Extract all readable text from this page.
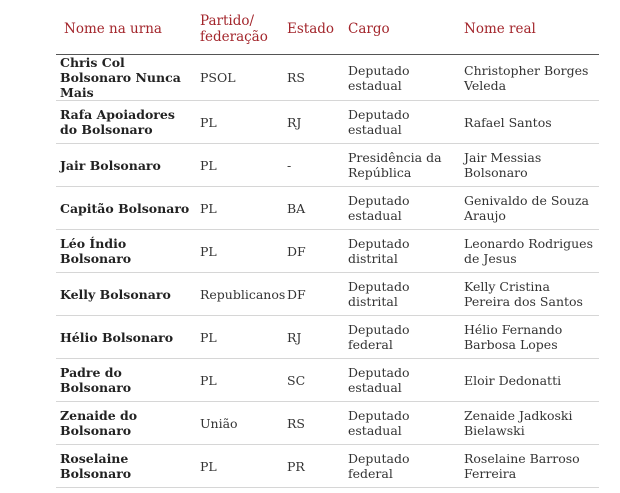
Nome na urna	Partido/ federação	Estado	Cargo	Nome real
Chris Col Bolsonaro Nunca Mais	PSOL	RS	Deputado estadual	Christopher Borges Veleda
Rafa Apoiadores do Bolsonaro	PL	RJ	Deputado estadual	Rafael Santos
Jair Bolsonaro	PL	-	Presidência da República	Jair Messias Bolsonaro
Capitão Bolsonaro	PL	BA	Deputado estadual	Genivaldo de Souza Araujo
Léo Índio Bolsonaro	PL	DF	Deputado distrital	Leonardo Rodrigues de Jesus
Kelly Bolsonaro	Republicanos	DF	Deputado distrital	Kelly Cristina Pereira dos Santos
Hélio Bolsonaro	PL	RJ	Deputado federal	Hélio Fernando Barbosa Lopes
Padre do Bolsonaro	PL	SC	Deputado estadual	Eloir Dedonatti
Zenaide do Bolsonaro	União	RS	Deputado estadual	Zenaide Jadkoski Bielawski
Roselaine Bolsonaro	PL	PR	Deputado federal	Roselaine Barroso Ferreira
